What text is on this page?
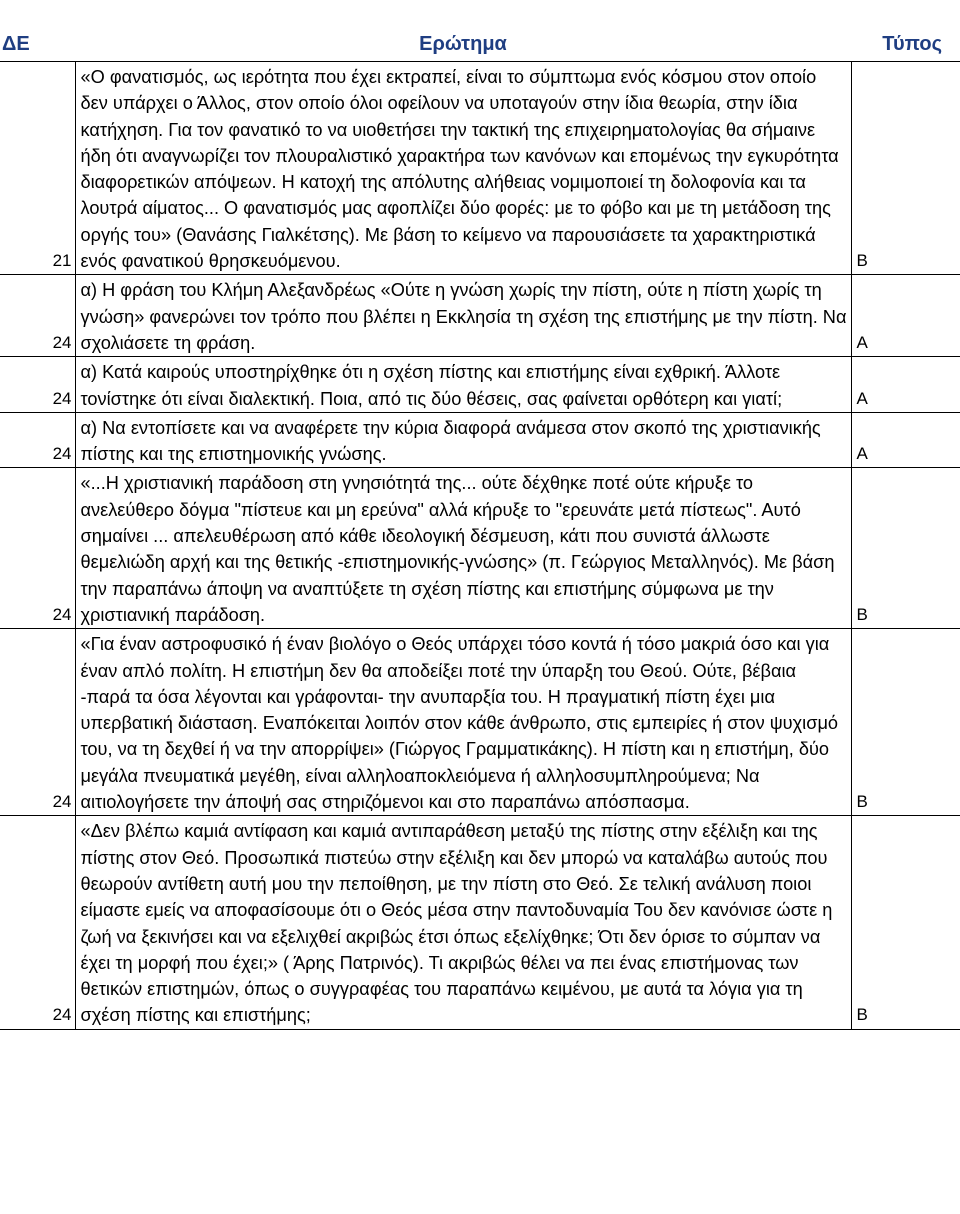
ΔΕ	Ερώτημα	Τύπος
21	«Ο φανατισμός, ως ιερότητα που έχει εκτραπεί, είναι το σύμπτωμα ενός κόσμου στον οποίο δεν υπάρχει ο Άλλος, στον οποίο όλοι οφείλουν να υποταγούν στην ίδια θεωρία, στην ίδια κατήχηση. Για τον φανατικό το να υιοθετήσει την τακτική της επιχειρηματολογίας θα σήμαινε ήδη ότι αναγνωρίζει τον πλουραλιστικό χαρακτήρα των κανόνων και επομένως την εγκυρότητα διαφορετικών απόψεων. Η κατοχή της απόλυτης αλήθειας νομιμοποιεί τη δολοφονία και τα λουτρά αίματος... Ο φανατισμός μας αφοπλίζει δύο φορές: με το φόβο και με τη μετάδοση της οργής του» (Θανάσης Γιαλκέτσης). Με βάση το κείμενο να παρουσιάσετε τα χαρακτηριστικά ενός φανατικού θρησκευόμενου.	Β
24	α) Η φράση του Κλήμη Αλεξανδρέως «Ούτε η γνώση χωρίς την πίστη, ούτε η πίστη χωρίς τη γνώση» φανερώνει τον τρόπο που βλέπει η Εκκλησία τη σχέση της επιστήμης με την πίστη. Να σχολιάσετε τη φράση.	Α
24	α) Κατά καιρούς υποστηρίχθηκε ότι η σχέση πίστης και επιστήμης είναι εχθρική. Άλλοτε τονίστηκε ότι είναι διαλεκτική. Ποια, από τις δύο θέσεις, σας φαίνεται ορθότερη και γιατί;	Α
24	α) Να εντοπίσετε και να αναφέρετε την κύρια διαφορά ανάμεσα στον σκοπό της χριστιανικής πίστης και της επιστημονικής γνώσης.	Α
24	«...Η χριστιανική παράδοση στη γνησιότητά της... ούτε δέχθηκε ποτέ ούτε κήρυξε το ανελεύθερο δόγμα "πίστευε και μη ερεύνα" αλλά κήρυξε το "ερευνάτε μετά πίστεως". Αυτό σημαίνει ... απελευθέρωση από κάθε ιδεολογική δέσμευση, κάτι που συνιστά άλλωστε θεμελιώδη αρχή και της θετικής -επιστημονικής-γνώσης» (π. Γεώργιος Μεταλληνός). Με βάση την παραπάνω άποψη να αναπτύξετε τη σχέση πίστης και επιστήμης σύμφωνα με την χριστιανική παράδοση.	Β
24	«Για έναν αστροφυσικό ή έναν βιολόγο ο Θεός υπάρχει τόσο κοντά ή τόσο μακριά όσο και για έναν απλό πολίτη. Η επιστήμη δεν θα αποδείξει ποτέ την ύπαρξη του Θεού. Ούτε, βέβαια -παρά τα όσα λέγονται και γράφονται- την ανυπαρξία του. Η πραγματική πίστη έχει μια υπερβατική διάσταση. Εναπόκειται λοιπόν στον κάθε άνθρωπο, στις εμπειρίες ή στον ψυχισμό του, να τη δεχθεί ή να την απορρίψει» (Γιώργος Γραμματικάκης). Η πίστη και η επιστήμη, δύο μεγάλα πνευματικά μεγέθη, είναι αλληλοαποκλειόμενα ή αλληλοσυμπληρούμενα; Να αιτιολογήσετε την άποψή σας στηριζόμενοι και στο παραπάνω απόσπασμα.	Β
24	«Δεν βλέπω καμιά αντίφαση και καμιά αντιπαράθεση μεταξύ της πίστης στην εξέλιξη και της πίστης στον Θεό. Προσωπικά πιστεύω στην εξέλιξη και δεν μπορώ να καταλάβω αυτούς που θεωρούν αντίθετη αυτή μου την πεποίθηση, με την πίστη στο Θεό. Σε τελική ανάλυση ποιοι είμαστε εμείς να αποφασίσουμε ότι ο Θεός μέσα στην παντοδυναμία Του δεν κανόνισε ώστε η ζωή να ξεκινήσει και να εξελιχθεί ακριβώς έτσι όπως εξελίχθηκε; Ότι δεν όρισε το σύμπαν να έχει τη μορφή που έχει;» ( Άρης Πατρινός). Τι ακριβώς θέλει να πει ένας επιστήμονας των θετικών επιστημών, όπως ο συγγραφέας του παραπάνω κειμένου, με αυτά τα λόγια για τη σχέση πίστης και επιστήμης;	Β
